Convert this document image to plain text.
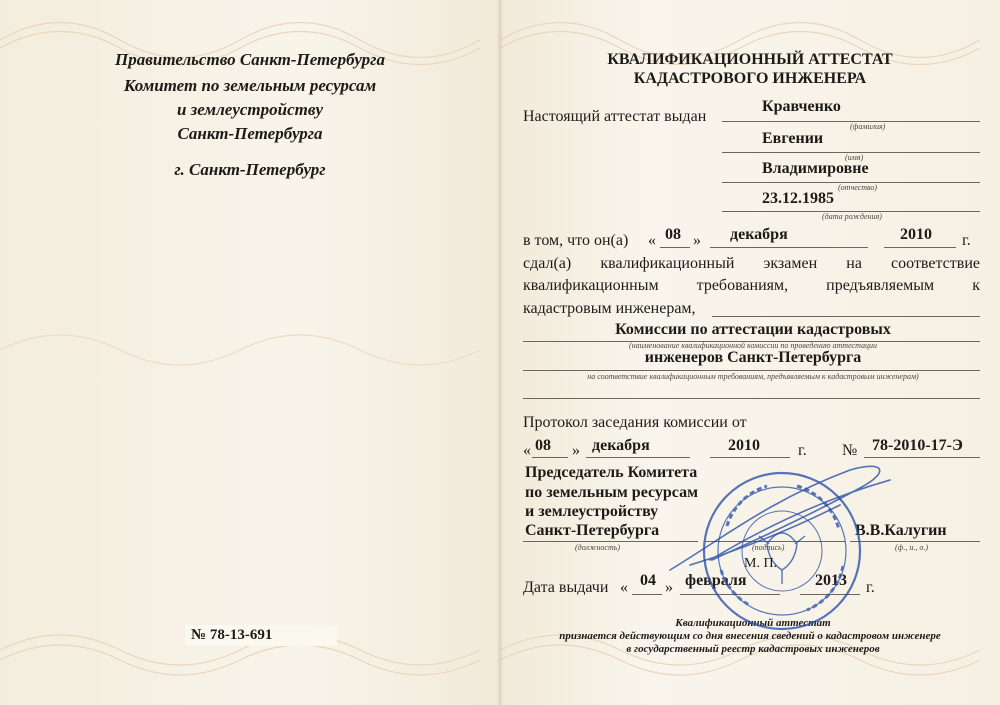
Правительство Санкт-Петербурга
Комитет по земельным ресурсам
и землеустройству
Санкт-Петербурга
г. Санкт-Петербург
№ 78-13-691
КВАЛИФИКАЦИОННЫЙ АТТЕСТАТ
КАДАСТРОВОГО ИНЖЕНЕРА
Настоящий аттестат выдан
Кравченко
(фамилия)
Евгении
(имя)
Владимировне
(отчество)
23.12.1985
(дата рождения)
в том, что он(а) « 08 » декабря	2010 г.
сдал(а) квалификационный экзамен на соответствие
квалификационным требованиям, предъявляемым к
кадастровым инженерам,
Комиссии по аттестации кадастровых
(наименование квалификационной комиссии по проведению аттестации
инженеров Санкт-Петербурга
на соответствие квалификационным требованиям, предъявляемым к кадастровым инженерам)
Протокол заседания комиссии от
« 08 » декабря	2010 г. № 78-2010-17-Э
Председатель Комитета
по земельным ресурсам
и землеустройству
Санкт-Петербурга
(должность)	(подпись)
В.В.Калугин
(ф., и., о.)
Дата выдачи « 04 » февраля	2013 г.
Квалификационный аттестат
признается действующим со дня внесения сведений о кадастровом инженере
в государственный реестр кадастровых инженеров
М. П.
